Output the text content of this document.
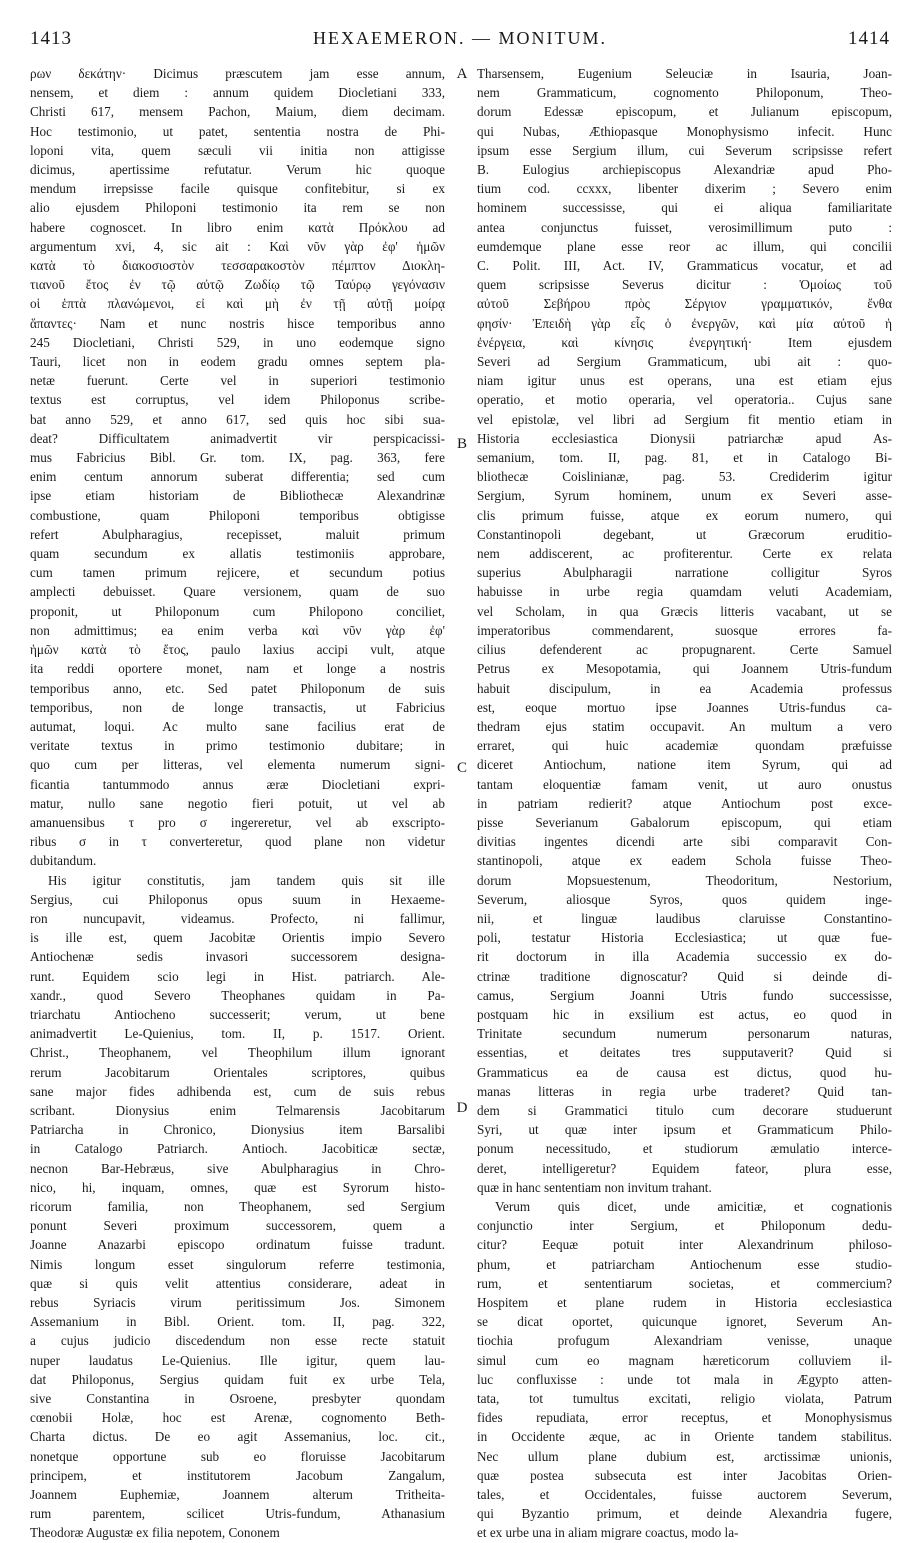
1413	HEXAEMERON. — MONITUM.	1414
ρων δεκάτην· Dicimus præscutem jam esse annum,
nensem, et diem : annum quidem Diocletiani 333,
Christi 617, mensem Pachon, Maium, diem decimam.
Hoc testimonio, ut patet, sententia nostra de Phi-
loponi vita, quem sæculi vii initia non attigisse
dicimus, apertissime refutatur. Verum hic quoque
mendum irrepsisse facile quisque confitebitur, si ex
alio ejusdem Philoponi testimonio ita rem se non
habere cognoscet. In libro enim κατὰ Πρόκλου ad
argumentum xvi, 4, sic ait : Καὶ νῦν γὰρ ἐφ' ἡμῶν
κατὰ τὸ διακοσιοστὸν τεσσαρακοστὸν πέμπτον Διοκλη-
τιανοῦ ἔτος ἐν τῷ αὐτῷ Ζωδίῳ τῷ Ταύρῳ γεγόνασιν
οἱ ἑπτὰ πλανώμενοι, εἰ καὶ μὴ ἐν τῇ αὐτῇ μοίρᾳ
ἅπαντες· Nam et nunc nostris hisce temporibus anno
245 Diocletiani, Christi 529, in uno eodemque signo
Tauri, licet non in eodem gradu omnes septem pla-
netæ fuerunt. Certe vel in superiori testimonio
textus est corruptus, vel idem Philoponus scribe-
bat anno 529, et anno 617, sed quis hoc sibi sua-
deat? Difficultatem animadvertit vir perspicacissi-
mus Fabricius Bibl. Gr. tom. IX, pag. 363, fere
enim centum annorum suberat differentia; sed cum
ipse etiam historiam de Bibliothecæ Alexandrinæ
combustione, quam Philoponi temporibus obtigisse
refert Abulpharagius, recepisset, maluit primum
quam secundum ex allatis testimoniis approbare,
cum tamen primum rejicere, et secundum potius
amplecti debuisset. Quare versionem, quam de suo
proponit, ut Philoponum cum Philopono conciliet,
non admittimus; ea enim verba καὶ νῦν γὰρ ἐφ'
ἡμῶν κατὰ τὸ ἔτος, paulo laxius accipi vult, atque
ita reddi oportere monet, nam et longe a nostris
temporibus anno, etc. Sed patet Philoponum de suis
temporibus, non de longe transactis, ut Fabricius
autumat, loqui. Ac multo sane facilius erat de
veritate textus in primo testimonio dubitare; in
quo cum per litteras, vel elementa numerum signi-
ficantia tantummodo annus æræ Diocletiani expri-
matur, nullo sane negotio fieri potuit, ut vel ab
amanuensibus τ pro σ ingereretur, vel ab exscripto-
ribus σ in τ converteretur, quod plane non videtur
dubitandum.
His igitur constitutis, jam tandem quis sit ille
Sergius, cui Philoponus opus suum in Hexaeme-
ron nuncupavit, videamus. Profecto, ni fallimur,
is ille est, quem Jacobitæ Orientis impio Severo
Antiochenæ sedis invasori successorem designa-
runt. Equidem scio legi in Hist. patriarch. Ale-
xandr., quod Severo Theophanes quidam in Pa-
triarchatu Antiocheno successerit; verum, ut bene
animadvertit Le-Quienius, tom. II, p. 1517. Orient.
Christ., Theophanem, vel Theophilum illum ignorant
rerum Jacobitarum Orientales scriptores, quibus
sane major fides adhibenda est, cum de suis rebus
scribant. Dionysius enim Telmarensis Jacobitarum
Patriarcha in Chronico, Dionysius item Barsalibi
in Catalogo Patriarch. Antioch. Jacobiticæ sectæ,
necnon Bar-Hebræus, sive Abulpharagius in Chro-
nico, hi, inquam, omnes, quæ est Syrorum histo-
ricorum familia, non Theophanem, sed Sergium
ponunt Severi proximum successorem, quem a
Joanne Anazarbi episcopo ordinatum fuisse tradunt.
Nimis longum esset singulorum referre testimonia,
quæ si quis velit attentius considerare, adeat in
rebus Syriacis virum peritissimum Jos. Simonem
Assemanium in Bibl. Orient. tom. II, pag. 322,
a cujus judicio discedendum non esse recte statuit
nuper laudatus Le-Quienius. Ille igitur, quem lau-
dat Philoponus, Sergius quidam fuit ex urbe Tela,
sive Constantina in Osroene, presbyter quondam
cœnobii Holæ, hoc est Arenæ, cognomento Beth-
Charta dictus. De eo agit Assemanius, loc. cit.,
nonetque opportune sub eo floruisse Jacobitarum
principem, et institutorem Jacobum Zangalum,
Joannem Euphemiæ, Joannem alterum Tritheita-
rum parentem, scilicet Utris-fundum, Athanasium
Theodoræ Augustæ ex filia nepotem, Cononem
A
B
C
D
Tharsensem, Eugenium Seleuciæ in Isauria, Joan-
nem Grammaticum, cognomento Philoponum, Theo-
dorum Edessæ episcopum, et Julianum episcopum,
qui Nubas, Æthiopasque Monophysismo infecit. Hunc
ipsum esse Sergium illum, cui Severum scripsisse refert
B. Eulogius archiepiscopus Alexandriæ apud Pho-
tium cod. ccxxx, libenter dixerim ; Severo enim
hominem successisse, qui ei aliqua familiaritate
antea conjunctus fuisset, verosimillimum puto :
eumdemque plane esse reor ac illum, qui concilii
C. Polit. III, Act. IV, Grammaticus vocatur, et ad
quem scripsisse Severus dicitur : Ὁμοίως τοῦ
αὐτοῦ Σεβήρου πρὸς Σέργιον γραμματικόν, ἔνθα
φησίν· Ἐπειδὴ γὰρ εἷς ὁ ἐνεργῶν, καὶ μία αὐτοῦ ἡ
ἐνέργεια, καὶ κίνησις ἐνεργητική· Item ejusdem
Severi ad Sergium Grammaticum, ubi ait : quo-
niam igitur unus est operans, una est etiam ejus
operatio, et motio operaria, vel operatoria.. Cujus sane
vel epistolæ, vel libri ad Sergium fit mentio etiam in
Historia ecclesiastica Dionysii patriarchæ apud As-
semanium, tom. II, pag. 81, et in Catalogo Bi-
bliothecæ Coislinianæ, pag. 53. Crediderim igitur
Sergium, Syrum hominem, unum ex Severi asse-
clis primum fuisse, atque ex eorum numero, qui
Constantinopoli degebant, ut Græcorum eruditio-
nem addiscerent, ac profiterentur. Certe ex relata
superius Abulpharagii narratione colligitur Syros
habuisse in urbe regia quamdam veluti Academiam,
vel Scholam, in qua Græcis litteris vacabant, ut se
imperatoribus commendarent, suosque errores fa-
cilius defenderent ac propugnarent. Certe Samuel
Petrus ex Mesopotamia, qui Joannem Utris-fundum
habuit discipulum, in ea Academia professus
est, eoque mortuo ipse Joannes Utris-fundus ca-
thedram ejus statim occupavit. An multum a vero
erraret, qui huic academiæ quondam præfuisse
diceret Antiochum, natione item Syrum, qui ad
tantam eloquentiæ famam venit, ut auro onustus
in patriam redierit? atque Antiochum post exce-
pisse Severianum Gabalorum episcopum, qui etiam
divitias ingentes dicendi arte sibi comparavit Con-
stantinopoli, atque ex eadem Schola fuisse Theo-
dorum Mopsuestenum, Theodoritum, Nestorium,
Severum, aliosque Syros, quos quidem inge-
nii, et linguæ laudibus claruisse Constantino-
poli, testatur Historia Ecclesiastica; ut quæ fue-
rit doctorum in illa Academia successio ex do-
ctrinæ traditione dignoscatur? Quid si deinde di-
camus, Sergium Joanni Utris fundo successisse,
postquam hic in exsilium est actus, eo quod in
Trinitate secundum numerum personarum naturas,
essentias, et deitates tres supputaverit? Quid si
Grammaticus ea de causa est dictus, quod hu-
manas litteras in regia urbe traderet? Quid tan-
dem si Grammatici titulo cum decorare studuerunt
Syri, ut quæ inter ipsum et Grammaticum Philo-
ponum necessitudo, et studiorum æmulatio interce-
deret, intelligeretur? Equidem fateor, plura esse,
quæ in hanc sententiam non invitum trahant.
Verum quis dicet, unde amicitiæ, et cognationis
conjunctio inter Sergium, et Philoponum dedu-
citur? Eequæ potuit inter Alexandrinum philoso-
phum, et patriarcham Antiochenum esse studio-
rum, et sententiarum societas, et commercium?
Hospitem et plane rudem in Historia ecclesiastica
se dicat oportet, quicunque ignoret, Severum An-
tiochia profugum Alexandriam venisse, unaque
simul cum eo magnam hæreticorum colluviem il-
luc confluxisse : unde tot mala in Ægypto atten-
tata, tot tumultus excitati, religio violata, Patrum
fides repudiata, error receptus, et Monophysismus
in Occidente æque, ac in Oriente tandem stabilitus.
Nec ullum plane dubium est, arctissimæ unionis,
quæ postea subsecuta est inter Jacobitas Orien-
tales, et Occidentales, fuisse auctorem Severum,
qui Byzantio primum, et deinde Alexandria fugere,
et ex urbe una in aliam migrare coactus, modo la-
